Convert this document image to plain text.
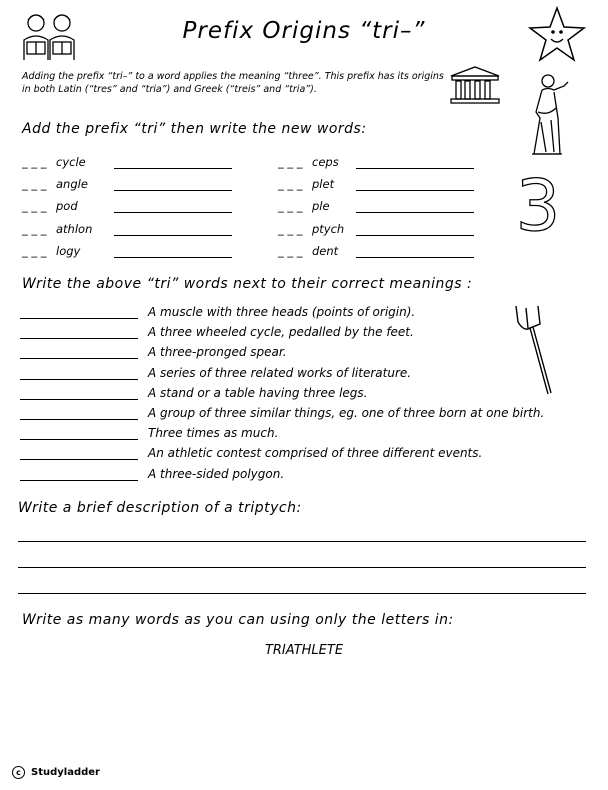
Prefix Origins “tri–”
Adding the prefix “tri–” to a word applies the meaning “three”. This prefix has its origins in both Latin (“tres” and “tria”) and Greek (“treis” and “tria”).
3
Add the prefix “tri” then write the new words:
_ _ _ cycle
_ _ _ angle
_ _ _ pod
_ _ _ athlon
_ _ _ logy
_ _ _ ceps
_ _ _ plet
_ _ _ ple
_ _ _ ptych
_ _ _ dent
Write the above “tri” words next to their correct meanings :
A muscle with three heads (points of origin).
A three wheeled cycle, pedalled by the feet.
A three-pronged spear.
A series of three related works of literature.
A stand or a table having three legs.
A group of three similar things, eg. one of three born at one birth.
Three times as much.
An athletic contest comprised of three different events.
A three-sided polygon.
Write a brief description of a triptych:
Write as many words as you can using only the letters in:
TRIATHLETE
c Studyladder
